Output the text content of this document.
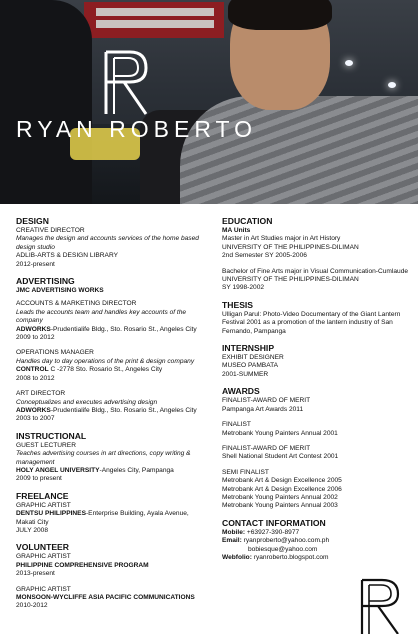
RYAN ROBERTO

DESIGN

CREATIVE DIRECTOR

Manages the design and accounts services of the home based design studio

ADLIB-ARTS & DESIGN LIBRARY

2012-present

ADVERTISING

JMC ADVERTISING WORKS

ACCOUNTS & MARKETING DIRECTOR

Leads the accounts team and handles key accounts of the company

ADWORKS-Prudentialife Bldg., Sto. Rosario St., Angeles City

2009 to 2012

OPERATIONS MANAGER

Handles day to day operations of the print & design company

CONTROL C -2778 Sto. Rosario St., Angeles City

2008 to 2012

ART DIRECTOR

Conceptualizes and executes advertising design

ADWORKS-Prudentialife Bldg., Sto. Rosario St., Angeles City

2003 to 2007

INSTRUCTIONAL

GUEST LECTURER

Teaches advertising courses in art directions, copy writing & management

HOLY ANGEL UNIVERSITY-Angeles City, Pampanga

2009 to present

FREELANCE

GRAPHIC ARTIST

DENTSU PHILIPPINES-Enterprise Building, Ayala Avenue, Makati City

JULY 2008

VOLUNTEER

GRAPHIC ARTIST

PHILIPPINE COMPREHENSIVE PROGRAM

2013-present

GRAPHIC ARTIST

MONSOON-WYCLIFFE ASIA PACIFIC COMMUNICATIONS

2010-2012

EDUCATION

MA Units

Master in Art Studies major in Art History

UNIVERSITY OF THE PHILIPPINES-DILIMAN

2nd Semester SY 2005-2006

Bachelor of Fine Arts major in Visual Communication-Cumlaude

UNIVERSITY OF THE PHILIPPINES-DILIMAN

SY 1998-2002

THESIS

Ulligan Parul: Photo-Video Documentary of the Giant Lantern Festival 2001 as a promotion of the lantern industry of San Fernando, Pampanga

INTERNSHIP

EXHIBIT DESIGNER

MUSEO PAMBATA

2001-SUMMER

AWARDS

FINALIST-AWARD OF MERIT

Pampanga Art Awards 2011

FINALIST

Metrobank Young Painters Annual 2001

FINALIST-AWARD OF MERIT

Shell National Student Art Contest 2001

SEMI FINALIST

Metrobank Art & Design Excellence 2005

Metrobank Art & Design Excellence 2006

Metrobank Young Painters Annual 2002

Metrobank Young Painters Annual 2003

CONTACT INFORMATION

Mobile: +63927-390-8977

Email: ryanproberto@yahoo.com.ph

bobiesque@yahoo.com

Webfolio: ryanroberto.blogspot.com
